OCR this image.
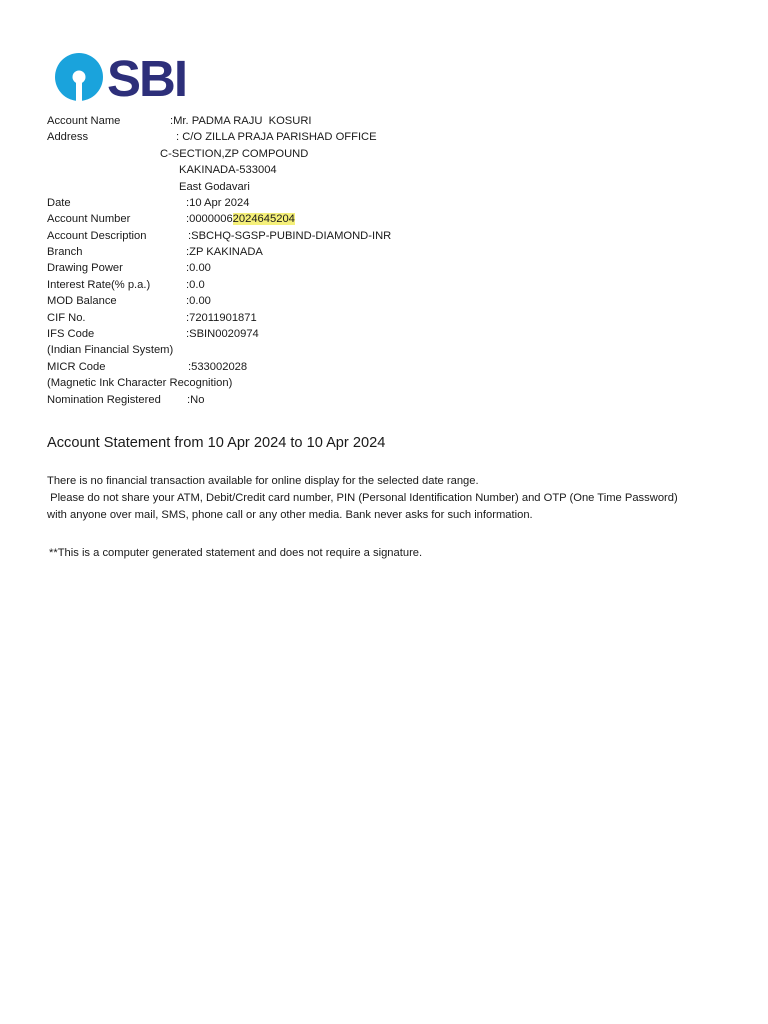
SBI

Account Name

	:Mr. PADMA RAJU  KOSURI

Address

	: C/O ZILLA PRAJA PARISHAD OFFICE

C-SECTION,ZP COMPOUND
KAKINADA-533004
East Godavari

Date

	:10 Apr 2024

Account Number

	:00000062024645204

Account Description

	:SBCHQ-SGSP-PUBIND-DIAMOND-INR

Branch

	:ZP KAKINADA

Drawing Power

	:0.00

Interest Rate(% p.a.)

	:0.0

MOD Balance

	:0.00

CIF No.

	:72011901871

IFS Code

	:SBIN0020974

(Indian Financial System)

MICR Code

	:533002028

(Magnetic Ink Character Recognition)

Nomination Registered

:No

Account Statement from 10 Apr 2024 to 10 Apr 2024
There is no financial transaction available for online display for the selected date range.
Please do not share your ATM, Debit/Credit card number, PIN (Personal Identification Number) and OTP (One Time Password)
with anyone over mail, SMS, phone call or any other media. Bank never asks for such information.
**This is a computer generated statement and does not require a signature.
